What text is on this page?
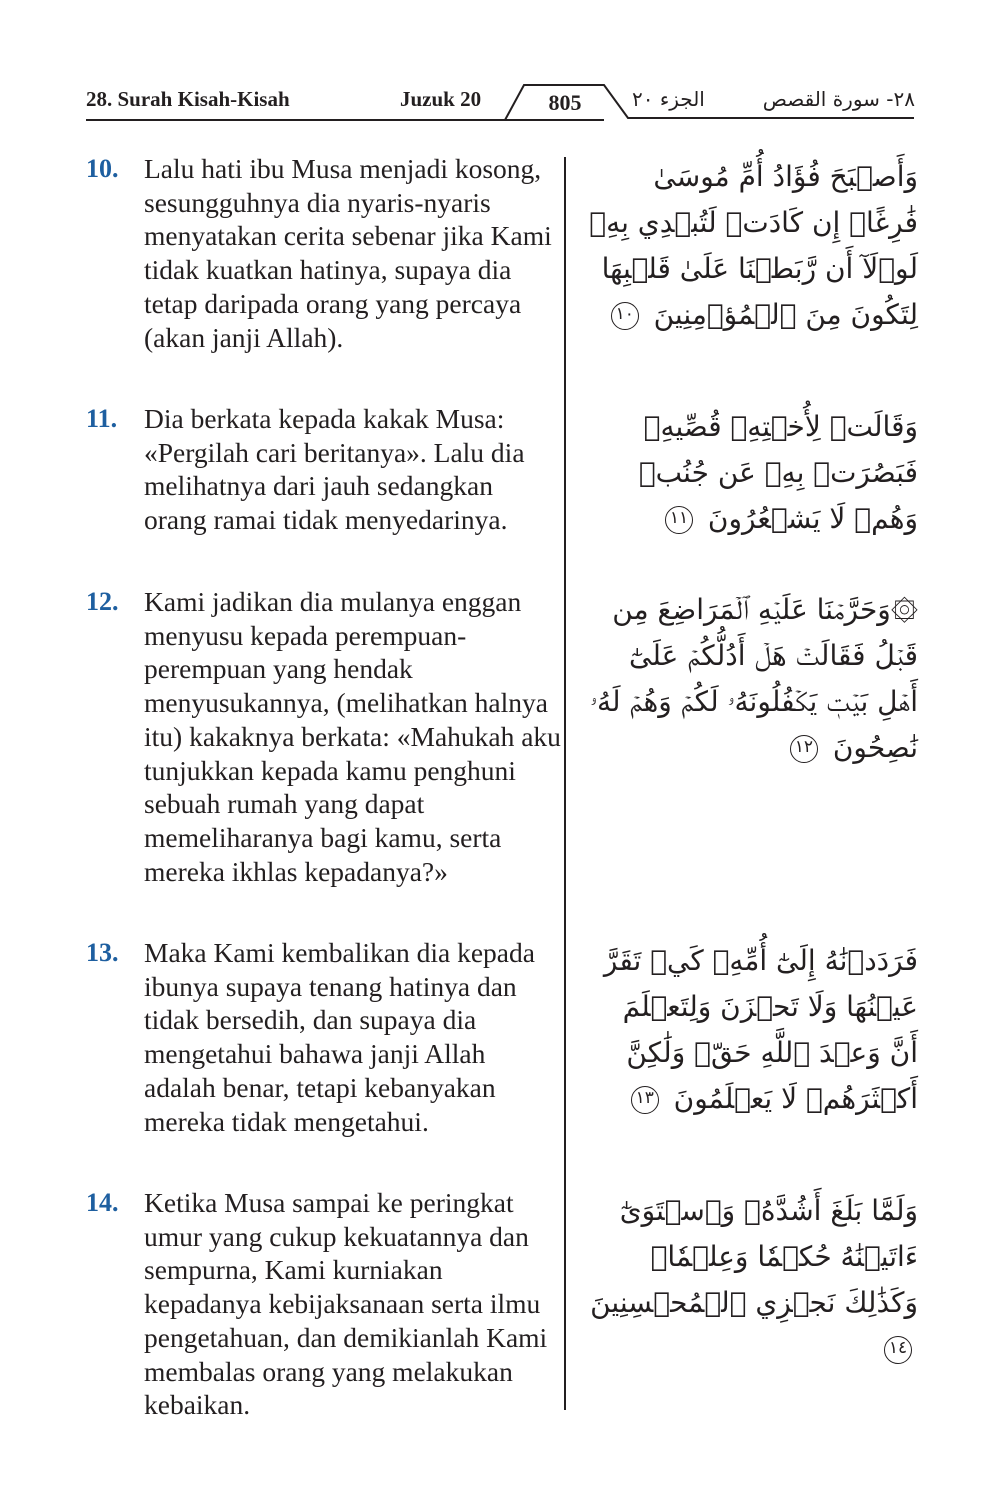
28. Surah Kisah-Kisah	Juzuk 20	805	الجزء ٢٠	٢٨- سورة القصص
10. Lalu hati ibu Musa menjadi kosong, sesungguhnya dia nyaris-nyaris menyatakan cerita sebenar jika Kami tidak kuatkan hatinya, supaya dia tetap daripada orang yang percaya (akan janji Allah).

وَأَصۡبَحَ فُؤَادُ أُمِّ مُوسَىٰ فَٰرِغًاۖ إِن كَادَتۡ لَتُبۡدِي بِهِۦ لَوۡلَآ أَن رَّبَطۡنَا عَلَىٰ قَلۡبِهَا لِتَكُونَ مِنَ ٱلۡمُؤۡمِنِينَ ١٠

11. Dia berkata kepada kakak Musa: «Pergilah cari beritanya». Lalu dia melihatnya dari jauh sedangkan orang ramai tidak menyedarinya.

وَقَالَتۡ لِأُخۡتِهِۦ قُصِّيهِۖ فَبَصُرَتۡ بِهِۦ عَن جُنُبٖ وَهُمۡ لَا يَشۡعُرُونَ ١١

12. Kami jadikan dia mulanya enggan menyusu kepada perempuan-perempuan yang hendak menyusukannya, (melihatkan halnya itu) kakaknya berkata: «Mahukah aku tunjukkan kepada kamu penghuni sebuah rumah yang dapat memeliharanya bagi kamu, serta mereka ikhlas kepadanya?»

۞وَحَرَّمۡنَا عَلَيۡهِ ٱلۡمَرَاضِعَ مِن قَبۡلُ فَقَالَتۡ هَلۡ أَدُلُّكُمۡ عَلَىٰٓ أَهۡلِ بَيۡتٖ يَكۡفُلُونَهُۥ لَكُمۡ وَهُمۡ لَهُۥ نَٰصِحُونَ ١٢

13. Maka Kami kembalikan dia kepada ibunya supaya tenang hatinya dan tidak bersedih, dan supaya dia mengetahui bahawa janji Allah adalah benar, tetapi kebanyakan mereka tidak mengetahui.

فَرَدَدۡنَٰهُ إِلَىٰٓ أُمِّهِۦ كَيۡ تَقَرَّ عَيۡنُهَا وَلَا تَحۡزَنَ وَلِتَعۡلَمَ أَنَّ وَعۡدَ ٱللَّهِ حَقّٞ وَلَٰكِنَّ أَكۡثَرَهُمۡ لَا يَعۡلَمُونَ ١٣

14. Ketika Musa sampai ke peringkat umur yang cukup kekuatannya dan sempurna, Kami kurniakan kepadanya kebijaksanaan serta ilmu pengetahuan, dan demikianlah Kami membalas orang yang melakukan kebaikan.

وَلَمَّا بَلَغَ أَشُدَّهُۥ وَٱسۡتَوَىٰٓ ءَاتَيۡنَٰهُ حُكۡمٗا وَعِلۡمٗاۚ وَكَذَٰلِكَ نَجۡزِي ٱلۡمُحۡسِنِينَ ١٤
